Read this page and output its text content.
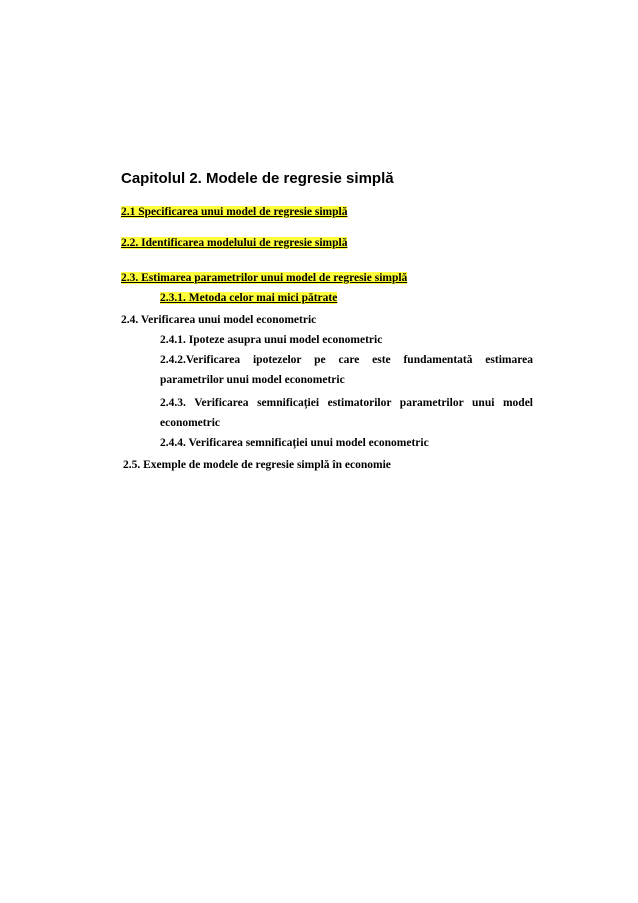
Capitolul 2. Modele de regresie simplă
2.1 Specificarea unui model de regresie simplă
2.2. Identificarea modelului de regresie simplă
2.3. Estimarea parametrilor unui model de regresie simplă
2.3.1. Metoda celor mai mici pătrate
2.4. Verificarea unui model econometric
2.4.1. Ipoteze asupra unui model econometric
2.4.2.Verificarea ipotezelor pe care este fundamentată estimarea
parametrilor unui model econometric
2.4.3. Verificarea semnificației estimatorilor parametrilor unui model
econometric
2.4.4. Verificarea semnificației unui model econometric
2.5. Exemple de modele de regresie simplă în economie
